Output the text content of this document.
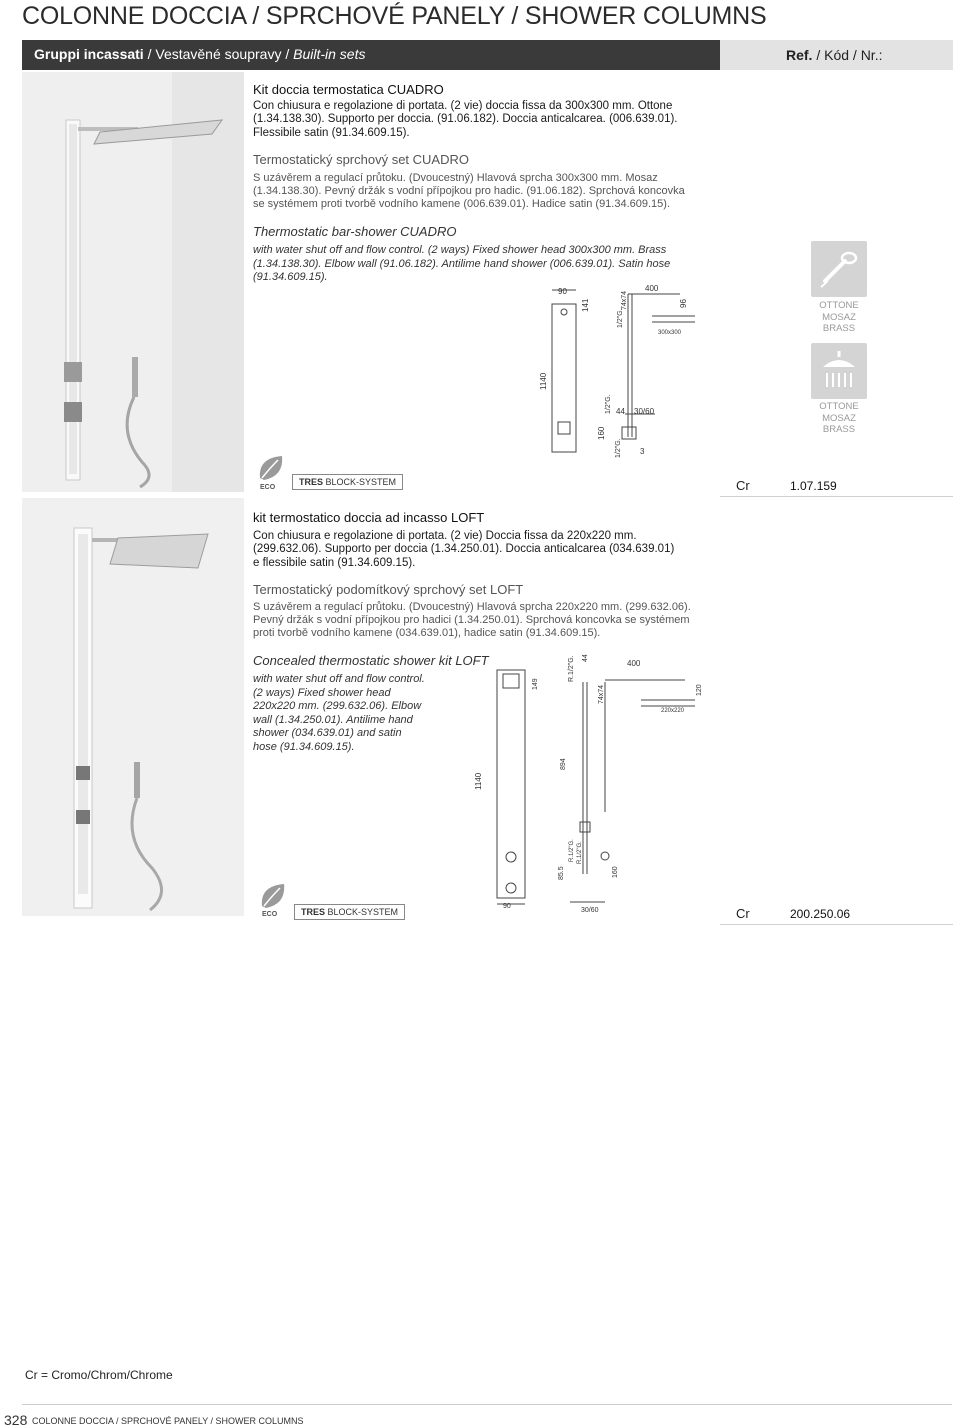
COLONNE DOCCIA / SPRCHOVÉ PANELY / SHOWER COLUMNS
Gruppi incassati / Vestavěné soupravy / Built-in sets	Ref. / Kód / Nr.:
Kit doccia termostatica CUADRO
Con chiusura e regolazione di portata. (2 vie) doccia fissa da 300x300 mm. Ottone (1.34.138.30). Supporto per doccia. (91.06.182). Doccia anticalcarea. (006.639.01). Flessibile satin (91.34.609.15).
Termostatický sprchový set CUADRO
S uzávěrem a regulací průtoku. (Dvoucestný) Hlavová sprcha 300x300 mm. Mosaz (1.34.138.30). Pevný držák s vodní přípojkou pro hadic. (91.06.182). Sprchová koncovka se systémem proti tvorbě vodního kamene (006.639.01). Hadice satin (91.34.609.15).
Thermostatic bar-shower CUADRO
with water shut off and flow control. (2 ways) Fixed shower head 300x300 mm. Brass (1.34.138.30). Elbow wall (91.06.182). Antilime hand shower (006.639.01). Satin hose (91.34.609.15).
90
141
400
74x74	96
1/2"G.
300x300
1140
1/2"G. 44 30/60
160
1/2"G. 3
OTTONE
MOSAZ
BRASS
OTTONE
MOSAZ
BRASS
ECO
TRES BLOCK-SYSTEM	Cr	1.07.159
kit termostatico doccia ad incasso LOFT
Con chiusura e regolazione di portata. (2 vie) Doccia fissa da 220x220 mm. (299.632.06). Supporto per doccia (1.34.250.01). Doccia anticalcarea (034.639.01) e flessibile satin (91.34.609.15).
Termostatický podomítkový sprchový set LOFT
S uzávěrem a regulací průtoku. (Dvoucestný) Hlavová sprcha 220x220 mm. (299.632.06). Pevný držák s vodní přípojkou pro hadici (1.34.250.01). Sprchová koncovka se systémem proti tvorbě vodního kamene (034.639.01), hadice satin (91.34.609.15).
Concealed thermostatic shower kit LOFT
with water shut off and flow control. (2 ways) Fixed shower head 220x220 mm. (299.632.06). Elbow wall (1.34.250.01). Antilime hand shower (034.639.01) and satin hose (91.34.609.15).
R.1/2"G. 44
400
149
74x74	120
220x220
1140
894
R.1/2"G. R.1/2"G.
85.5	160
90
30/60
ECO	TRES BLOCK-SYSTEM	Cr	200.250.06
Cr = Cromo/Chrom/Chrome
328 COLONNE DOCCIA / SPRCHOVÉ PANELY / SHOWER COLUMNS
